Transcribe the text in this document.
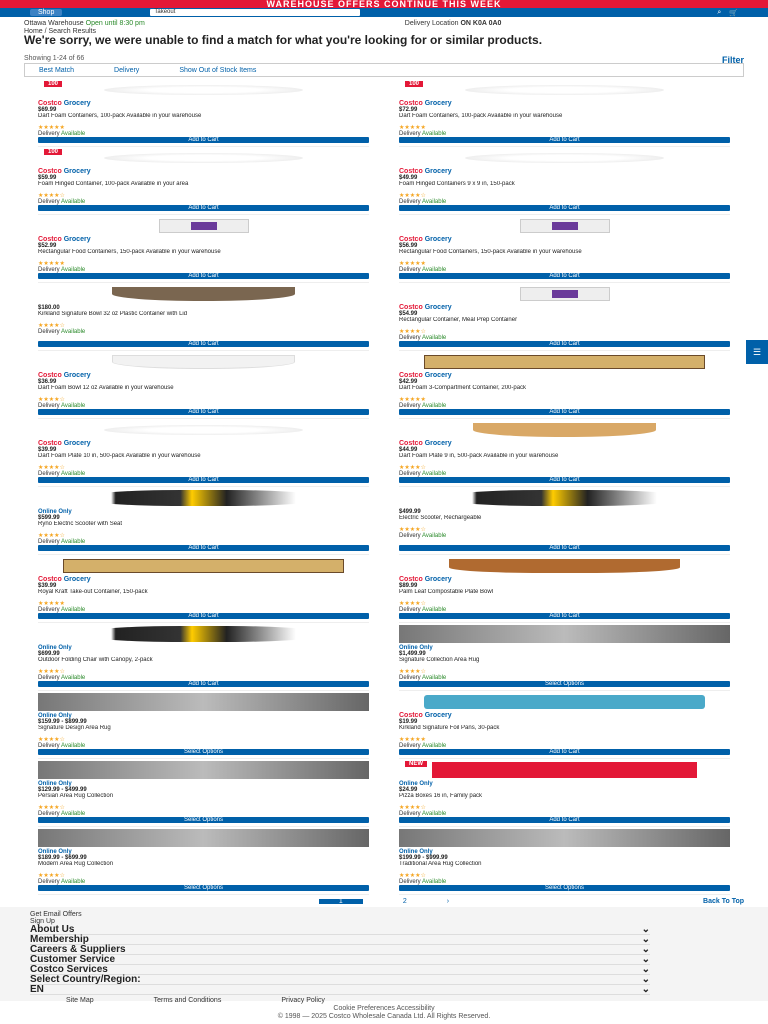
WAREHOUSE OFFERS CONTINUE THIS WEEK
Shop	Takeout	⌕ 🛒
Ottawa Warehouse Open until 8:30 pm	Delivery Location ON K0A 0A0
Home / Search Results
We're sorry, we were unable to find a match for what you're looking for or similar products.
Showing 1-24 of 66	Filter
Best Match	Delivery	Show Out of Stock Items
100
Costco Grocery
$69.99
Dart Foam Containers, 100-pack Available in your warehouse
★★★★★
Delivery Available
Add to Cart
100
Costco Grocery
$72.99
Dart Foam Containers, 100-pack Available in your warehouse
★★★★★
Delivery Available
Add to Cart
100
Costco Grocery
$59.99
Foam Hinged Container, 100-pack Available in your area
★★★★☆
Delivery Available
Add to Cart
Costco Grocery
$49.99
Foam Hinged Containers 9 x 9 in, 150-pack
★★★★☆
Delivery Available
Add to Cart
Costco Grocery
$52.99
Rectangular Food Containers, 150-pack Available in your warehouse
★★★★★
Delivery Available
Add to Cart
Costco Grocery
$56.99
Rectangular Food Containers, 150-pack Available in your warehouse
★★★★★
Delivery Available
Add to Cart
$180.00
Kirkland Signature Bowl 32 oz Plastic Container with Lid
★★★★☆
Delivery Available
Add to Cart
Costco Grocery
$54.99
Rectangular Container, Meal Prep Container
★★★★☆
Delivery Available
Add to Cart
Costco Grocery
$36.99
Dart Foam Bowl 12 oz Available in your warehouse
★★★★☆
Delivery Available
Add to Cart
Costco Grocery
$42.99
Dart Foam 3-Compartment Container, 200-pack
★★★★★
Delivery Available
Add to Cart
Costco Grocery
$39.99
Dart Foam Plate 10 in, 500-pack Available in your warehouse
★★★★☆
Delivery Available
Add to Cart
Costco Grocery
$44.99
Dart Foam Plate 9 in, 500-pack Available in your warehouse
★★★★☆
Delivery Available
Add to Cart
Online Only
$599.99
Ryno Electric Scooter with Seat
★★★★☆
Delivery Available
Add to Cart
$499.99
Electric Scooter, Rechargeable
★★★★☆
Delivery Available
Add to Cart
Costco Grocery
$39.99
Royal Kraft Take-out Container, 150-pack
★★★★★
Delivery Available
Add to Cart
Costco Grocery
$89.99
Palm Leaf Compostable Plate Bowl
★★★★☆
Delivery Available
Add to Cart
Online Only
$699.99
Outdoor Folding Chair with Canopy, 2-pack
★★★★☆
Delivery Available
Add to Cart
Online Only
$1,499.99
Signature Collection Area Rug
★★★★☆
Delivery Available
Select Options
Online Only
$159.99 - $899.99
Signature Design Area Rug
★★★★☆
Delivery Available
Select Options
Costco Grocery
$19.99
Kirkland Signature Foil Pans, 30-pack
★★★★★
Delivery Available
Add to Cart
Online Only
$129.99 - $499.99
Persian Area Rug Collection
★★★★☆
Delivery Available
Select Options
NEW
Online Only
$24.99
Pizza Boxes 16 in, Family pack
★★★★☆
Delivery Available
Add to Cart
Online Only
$189.99 - $699.99
Modern Area Rug Collection
★★★★☆
Delivery Available
Select Options
Online Only
$199.99 - $999.99
Traditional Area Rug Collection
★★★★☆
Delivery Available
Select Options
1	2	›	Back To Top
Get Email Offers
Sign Up
About Us	⌄
Membership	⌄
Careers & Suppliers	⌄
Customer Service	⌄
Costco Services	⌄
Select Country/Region:	⌄
EN	⌄
Site Map	Terms and Conditions	Privacy Policy
Cookie Preferences Accessibility
© 1998 — 2025 Costco Wholesale Canada Ltd. All Rights Reserved.
☰
